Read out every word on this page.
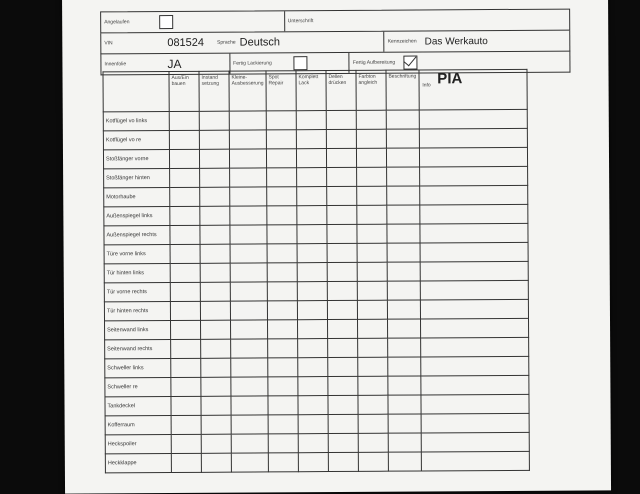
Angelaufen	Unterschrift
VIN	081524	Sprache Deutsch	Kennzeichen Das Werkauto
Innenfolie	JA	Fertig Lackierung	Fertig Aufbereitung
	Aus/Ein bauen	Instand setzung	Kleine-Ausbesserung	Spot Repair	Komplett Lack	Dellen drücken	Farbton angleich	Beschriftung	Info PIA

Kotflügel vo links									
Kotflügel vo re									
Stoßfänger vorne									
Stoßfänger hinten									
Motorhaube									
Außenspiegel links									
Außenspiegel rechts									
Türe vorne links									
Tür hinten links									
Tür vorne rechts									
Tür hinten rechts									
Seitenwand links									
Seitenwand rechts									
Schweller links									
Schweller re									
Tankdeckel									
Kofferraum									
Heckspoiler									
Heckklappe									
